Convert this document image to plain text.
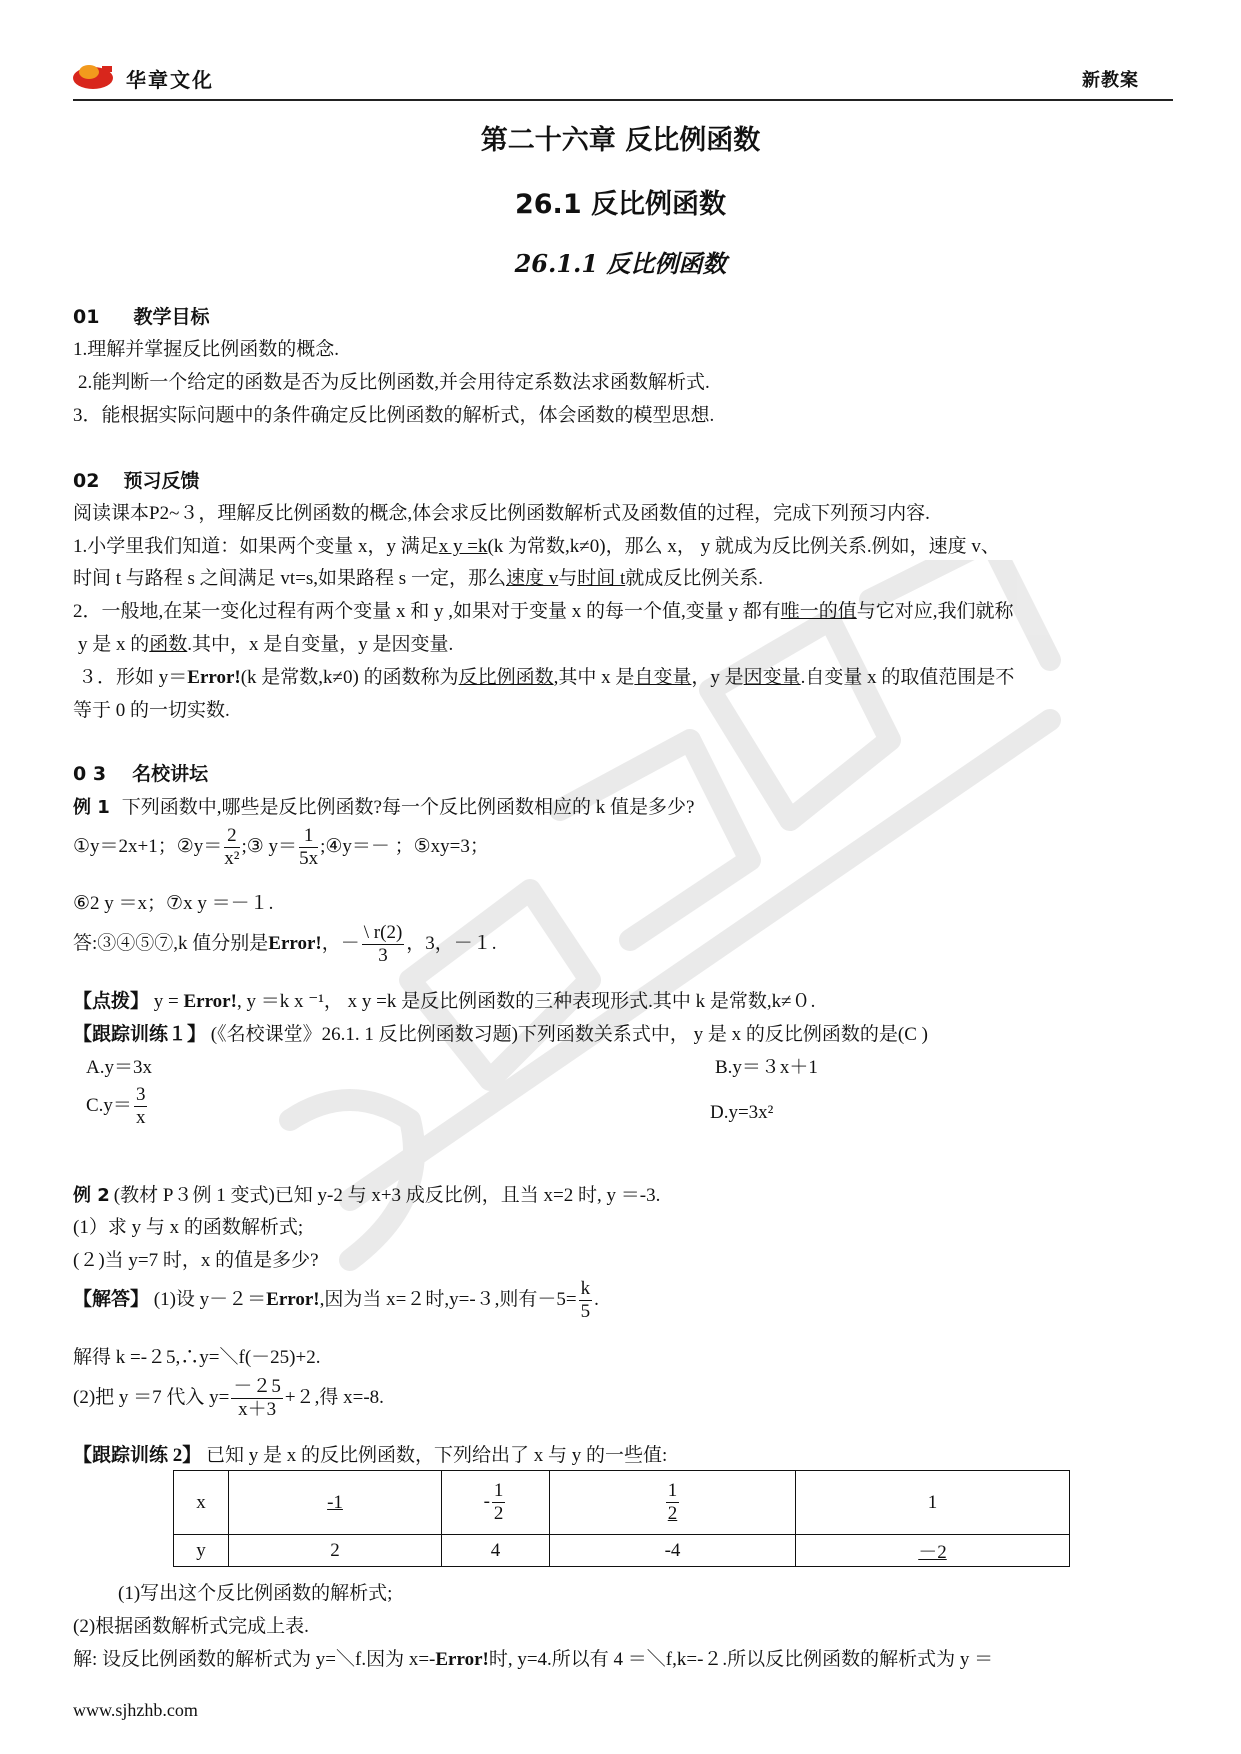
华章文化	新教案
第二十六章 反比例函数
26.1 反比例函数
26.1.1 反比例函数
01 教学目标
1.理解并掌握反比例函数的概念.
2.能判断一个给定的函数是否为反比例函数,并会用待定系数法求函数解析式.
3．能根据实际问题中的条件确定反比例函数的解析式，体会函数的模型思想.
02 预习反馈
阅读课本P2~３，理解反比例函数的概念,体会求反比例函数解析式及函数值的过程，完成下列预习内容.
1.小学里我们知道：如果两个变量 x，y 满足x y =k(k 为常数,k≠0)，那么 x， y 就成为反比例关系.例如，速度 v、
时间 t 与路程 s 之间满足 vt=s,如果路程 s 一定，那么速度 v与时间 t就成反比例关系.
2．一般地,在某一变化过程有两个变量 x 和 y ,如果对于变量 x 的每一个值,变量 y 都有唯一的值与它对应,我们就称
y 是 x 的函数.其中，x 是自变量，y 是因变量.
３．形如 y＝Error!(k 是常数,k≠0) 的函数称为反比例函数,其中 x 是自变量，y 是因变量.自变量 x 的取值范围是不
等于 0 的一切实数.
0 3 名校讲坛
例 1 下列函数中,哪些是反比例函数?每一个反比例函数相应的 k 值是多少?
①y＝2x+1；②y＝ $\frac{2}{\text{x²}}$ ;③ $y= \frac{1}{5x}$ ;④y＝－ ；⑤xy=3；
⑥2 y ＝x；⑦x y ＝－１.
答:③④⑤⑦,k 值分别是Error!，－ $\frac{\backslash r(2)}{3}$ ，3，－１.
【点拨】 y = Error!, y ＝k x ⁻¹， x y =k 是反比例函数的三种表现形式.其中 k 是常数,k≠０.
【跟踪训练１】 (《名校课堂》26.1. 1 反比例函数习题)下列函数关系式中， y 是 x 的反比例函数的是(C )
A.y＝3x	B.y＝３x＋1
$C.y= \frac{3}{x}$	D.y=3x²
例 2 (教材 P３例 1 变式)已知 y-2 与 x+3 成反比例，且当 x=2 时, y ＝-3.
(1）求 y 与 x 的函数解析式;
(２)当 y=7 时，x 的值是多少?
【解答】 (1)设 y－２＝Error!,因为当 x=２时,y=-３,则有$-5= \frac{k}{5}$ .
解得 k =-２5,∴y=＼f(－25)+2.
(2)把 y ＝7 代入 $y= \frac{-25}{x+3} +2$,得 x=-8.
【跟踪训练 2】 已知 y 是 x 的反比例函数，下列给出了 x 与 y 的一些值:
x	-1	- $\frac{1}{2}$	$\frac{1}{2}$	1
y	2	4	-4	－2
(1)写出这个反比例函数的解析式;
(2)根据函数解析式完成上表.
解: 设反比例函数的解析式为 y=＼f.因为 x=-Error!时, y=4.所以有 4 ＝＼f,k=-２.所以反比例函数的解析式为 y ＝
www.sjhzhb.com
